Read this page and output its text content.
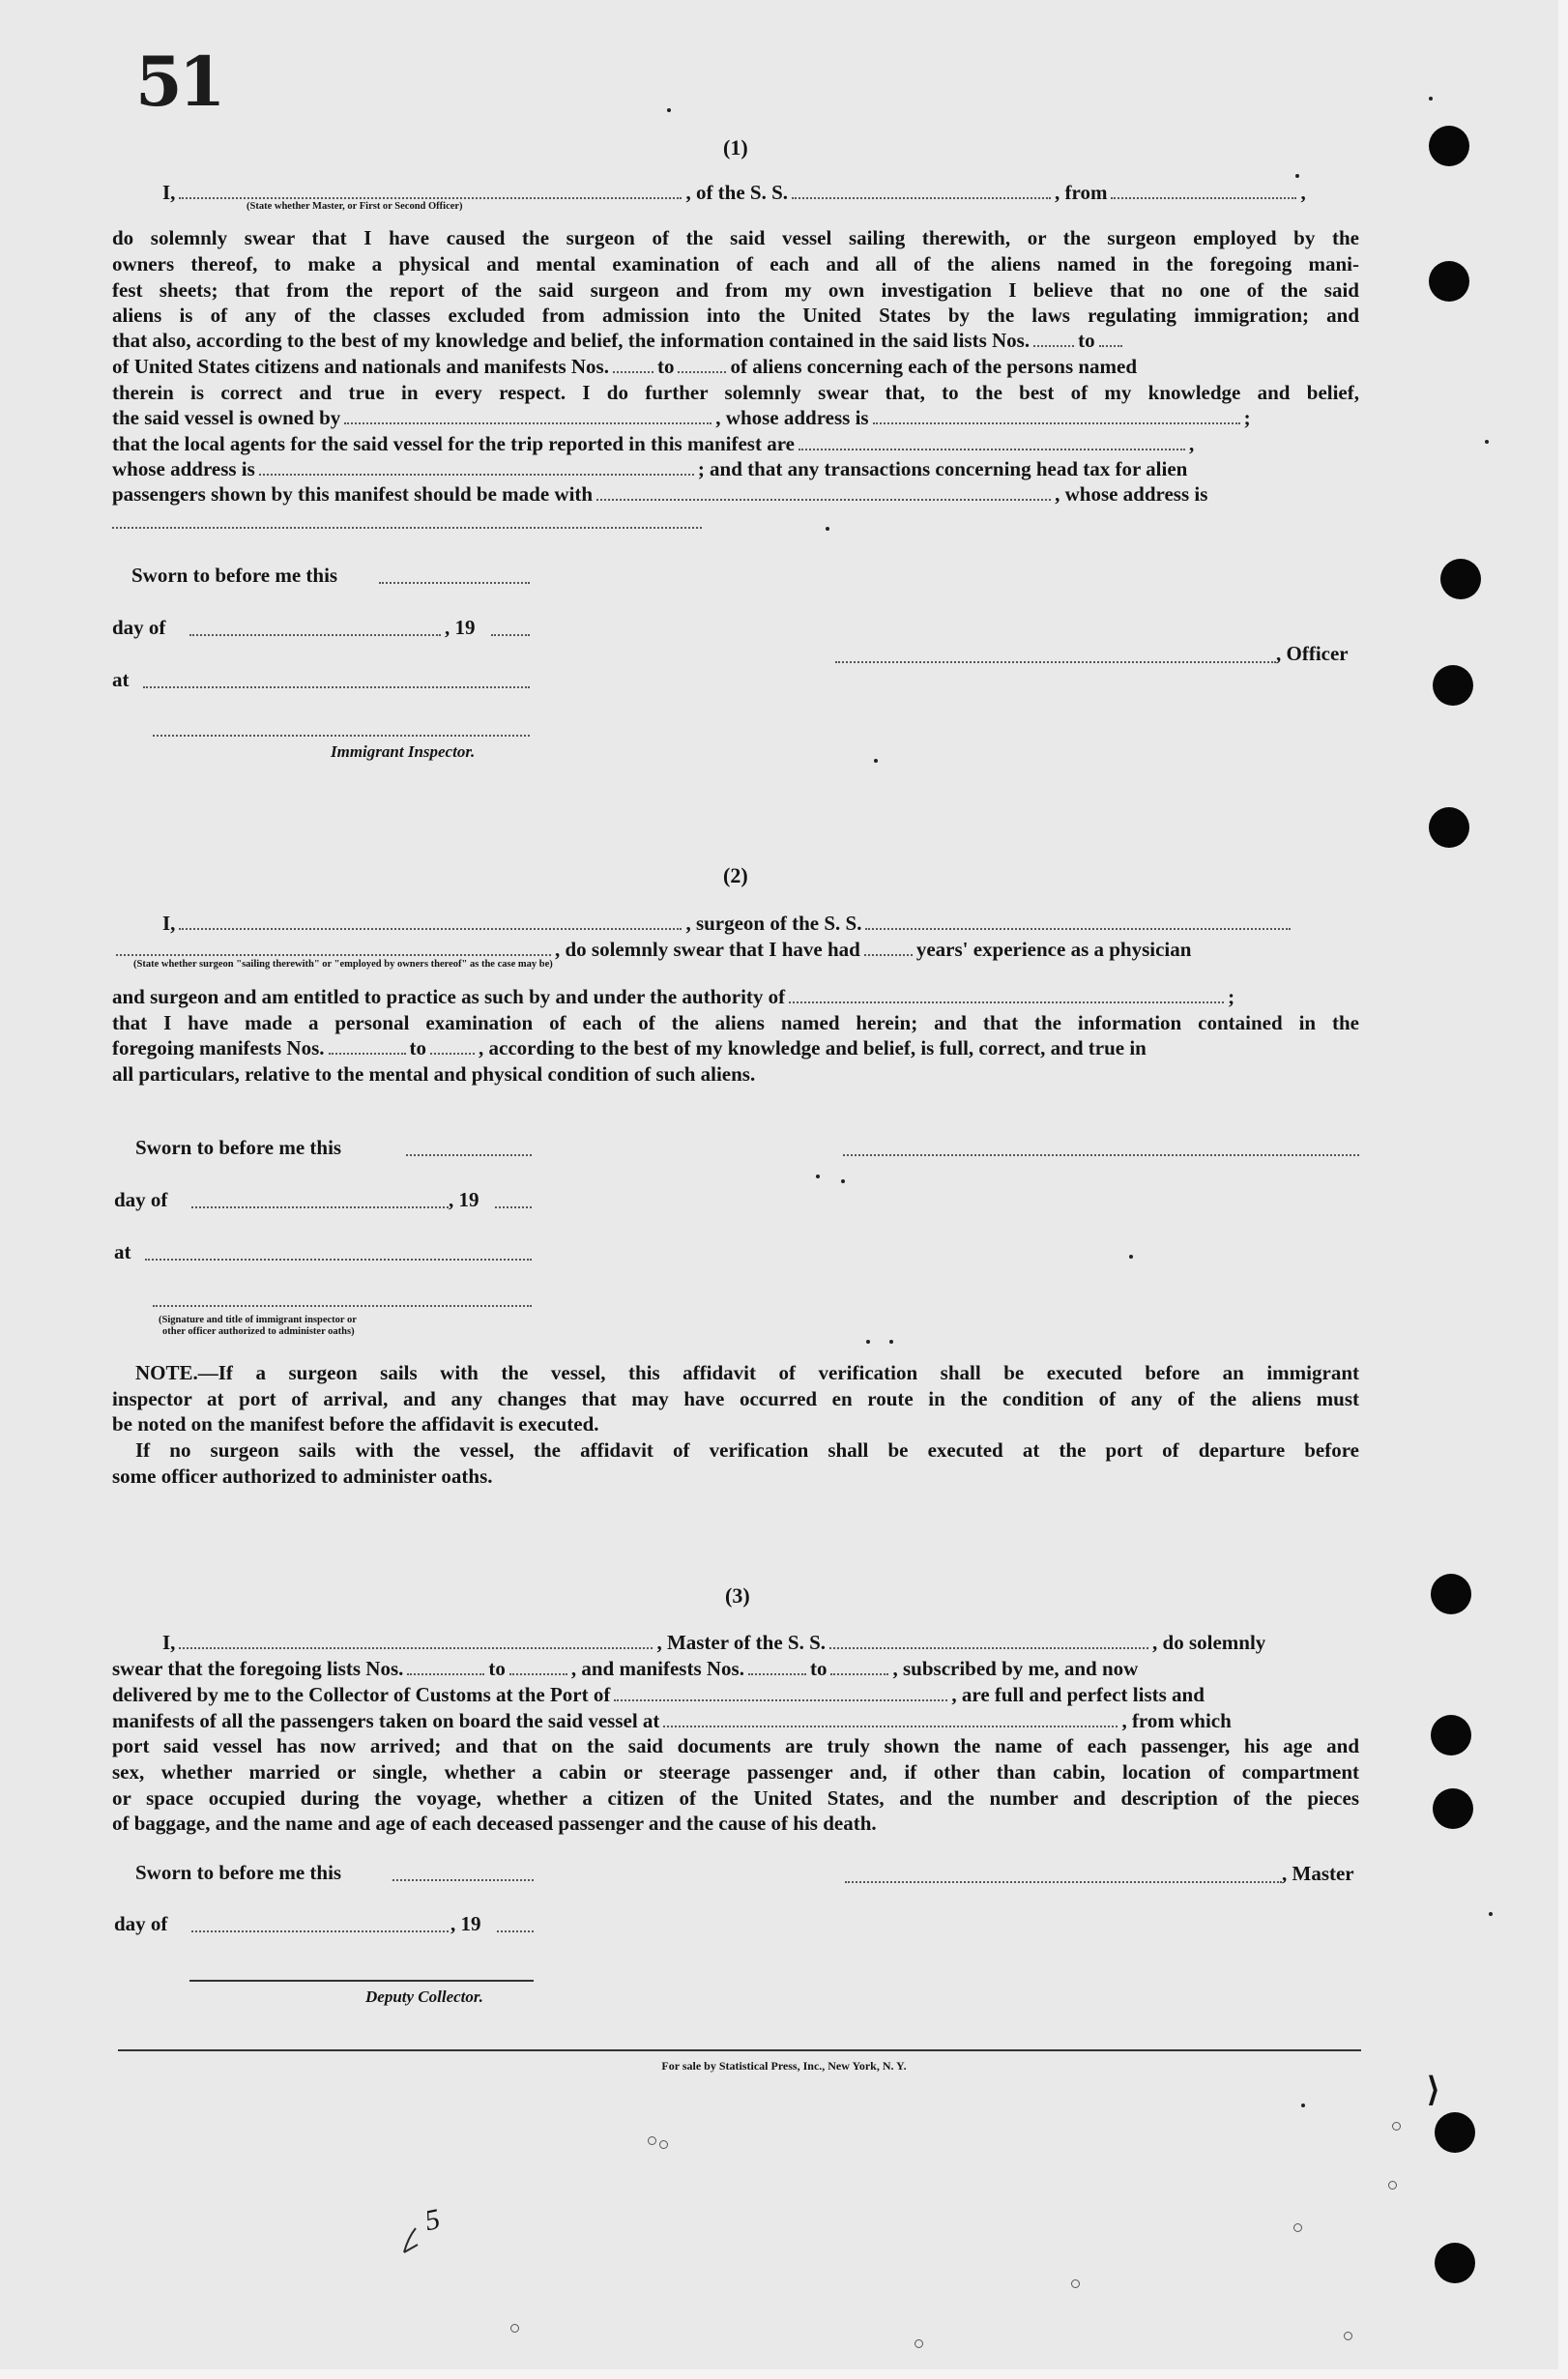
51
(1)
I,	, of the S. S.	, from	,
(State whether Master, or First or Second Officer)
do solemnly swear that I have caused the surgeon of the said vessel sailing therewith, or the surgeon employed by the
owners thereof, to make a physical and mental examination of each and all of the aliens named in the foregoing mani-
fest sheets; that from the report of the said surgeon and from my own investigation I believe that no one of the said
aliens is of any of the classes excluded from admission into the United States by the laws regulating immigration; and
that also, according to the best of my knowledge and belief, the information contained in the said lists Nos. to
of United States citizens and nationals and manifests Nos. to	of aliens concerning each of the persons named
therein is correct and true in every respect. I do further solemnly swear that, to the best of my knowledge and belief,
the said vessel is owned by	, whose address is	;
that the local agents for the said vessel for the trip reported in this manifest are	,
whose address is	; and that any transactions concerning head tax for alien
passengers shown by this manifest should be made with	, whose address is
Sworn to before me this
day of	, 19
at
, Officer
Immigrant Inspector.
(2)
I,	, surgeon of the S. S.
, do solemnly swear that I have had	years' experience as a physician
(State whether surgeon "sailing therewith" or "employed by owners thereof" as the case may be)
and surgeon and am entitled to practice as such by and under the authority of	;
that I have made a personal examination of each of the aliens named herein; and that the information contained in the
foregoing manifests Nos.	to	, according to the best of my knowledge and belief, is full, correct, and true in
all particulars, relative to the mental and physical condition of such aliens.
Sworn to before me this
day of	, 19
at
(Signature and title of immigrant inspector or
other officer authorized to administer oaths)
NOTE.—If a surgeon sails with the vessel, this affidavit of verification shall be executed before an immigrant
inspector at port of arrival, and any changes that may have occurred en route in the condition of any of the aliens must
be noted on the manifest before the affidavit is executed.
If no surgeon sails with the vessel, the affidavit of verification shall be executed at the port of departure before
some officer authorized to administer oaths.
(3)
I,	, Master of the S. S.	, do solemnly
swear that the foregoing lists Nos.	to	, and manifests Nos.	to	, subscribed by me, and now
delivered by me to the Collector of Customs at the Port of	, are full and perfect lists and
manifests of all the passengers taken on board the said vessel at	, from which
port said vessel has now arrived; and that on the said documents are truly shown the name of each passenger, his age and
sex, whether married or single, whether a cabin or steerage passenger and, if other than cabin, location of compartment
or space occupied during the voyage, whether a citizen of the United States, and the number and description of the pieces
of baggage, and the name and age of each deceased passenger and the cause of his death.
Sworn to before me this	, Master
day of	, 19
Deputy Collector.
For sale by Statistical Press, Inc., New York, N. Y.
5
⟩
